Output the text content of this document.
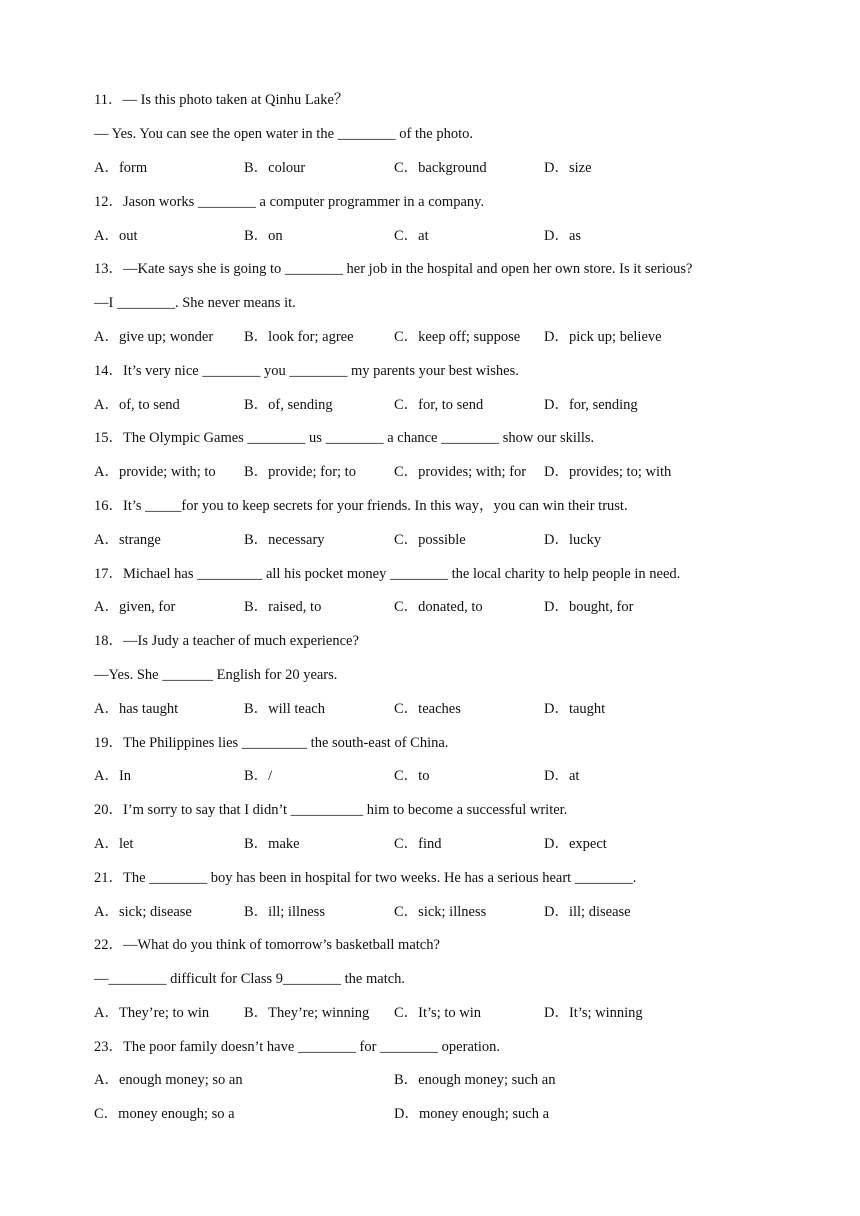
11．— Is this photo taken at Qinhu Lake？
— Yes. You can see the open water in the ________ of the photo.
A．form	B．colour	C．background	D．size
12．Jason works ________ a computer programmer in a company.
A．out	B．on	C．at	D．as
13．—Kate says she is going to ________ her job in the hospital and open her own store. Is it serious?
—I ________. She never means it.
A．give up; wonder B．look for; agree	C．keep off; suppose D．pick up; believe
14．It’s very nice ________ you ________ my parents your best wishes.
A．of, to send	B．of, sending	C．for, to send	D．for, sending
15．The Olympic Games ________ us ________ a chance ________ show our skills.
A．provide; with; to B．provide; for; to	C．provides; with; for D．provides; to; with
16．It’s _____for you to keep secrets for your friends. In this way，you can win their trust.
A．strange	B．necessary	C．possible	D．lucky
17．Michael has _________ all his pocket money ________ the local charity to help people in need.
A．given, for	B．raised, to	C．donated, to	D．bought, for
18．—Is Judy a teacher of much experience?
—Yes. She _______ English for 20 years.
A．has taught	B．will teach	C．teaches	D．taught
19．The Philippines lies _________ the south-east of China.
A．In	B．/	C．to	D．at
20．I’m sorry to say that I didn’t __________ him to become a successful writer.
A．let	B．make	C．find	D．expect
21．The ________ boy has been in hospital for two weeks. He has a serious heart ________.
A．sick; disease	B．ill; illness	C．sick; illness	D．ill; disease
22．—What do you think of tomorrow’s basketball match?
—________ difficult for Class 9________ the match.
A．They’re; to win B．They’re; winning C．It’s; to win	D．It’s; winning
23．The poor family doesn’t have ________ for ________ operation.
A．enough money; so an	B．enough money; such an
C．money enough; so a	D．money enough; such a
